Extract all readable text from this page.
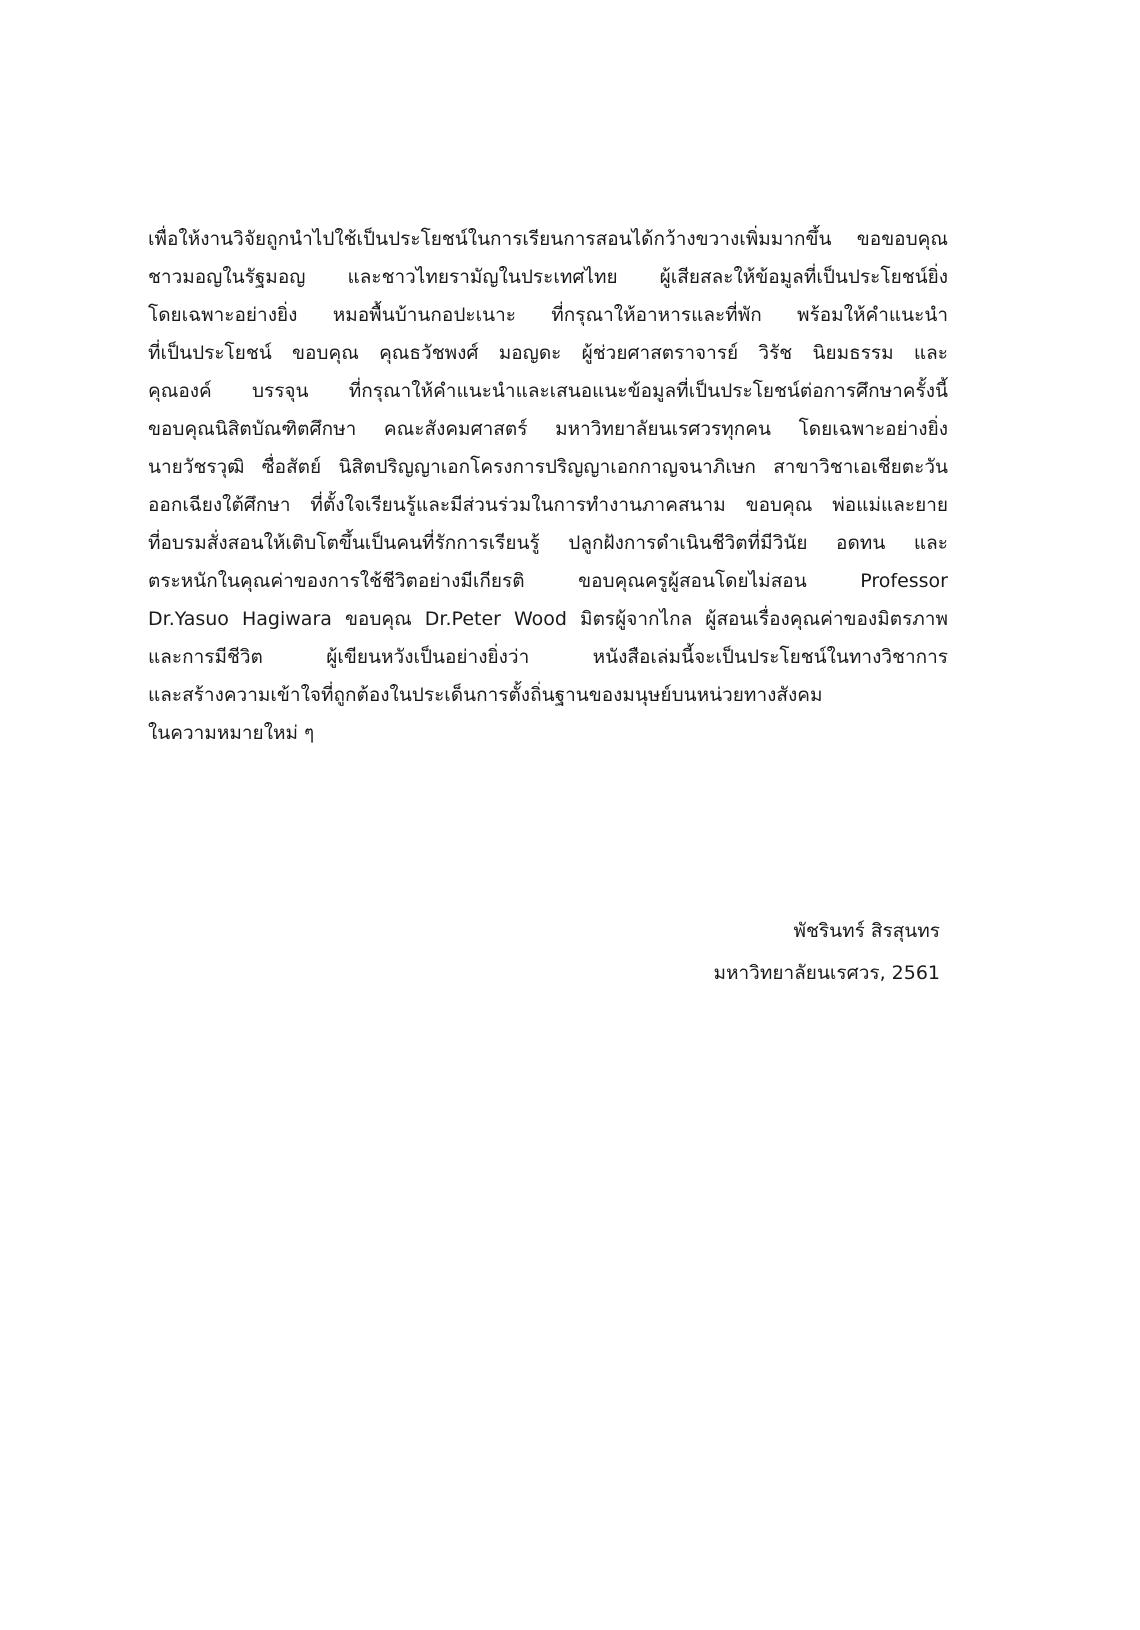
เพื่อให้งานวิจัยถูกนำไปใช้เป็นประโยชน์ในการเรียนการสอนได้กว้างขวางเพิ่มมากขึ้น ขอขอบคุณ
ชาวมอญในรัฐมอญ และชาวไทยรามัญในประเทศไทย ผู้เสียสละให้ข้อมูลที่เป็นประโยชน์ยิ่ง
โดยเฉพาะอย่างยิ่ง หมอพื้นบ้านกอปะเนาะ ที่กรุณาให้อาหารและที่พัก พร้อมให้คำแนะนำ
ที่เป็นประโยชน์ ขอบคุณ คุณธวัชพงศ์ มอญดะ ผู้ช่วยศาสตราจารย์ วิรัช นิยมธรรม และ
คุณองค์ บรรจุน ที่กรุณาให้คำแนะนำและเสนอแนะข้อมูลที่เป็นประโยชน์ต่อการศึกษาครั้งนี้
ขอบคุณนิสิตบัณฑิตศึกษา คณะสังคมศาสตร์ มหาวิทยาลัยนเรศวรทุกคน โดยเฉพาะอย่างยิ่ง
นายวัชรวุฒิ ซื่อสัตย์ นิสิตปริญญาเอกโครงการปริญญาเอกกาญจนาภิเษก สาขาวิชาเอเชียตะวัน
ออกเฉียงใต้ศึกษา ที่ตั้งใจเรียนรู้และมีส่วนร่วมในการทำงานภาคสนาม ขอบคุณ พ่อแม่และยาย
ที่อบรมสั่งสอนให้เติบโตขึ้นเป็นคนที่รักการเรียนรู้ ปลูกฝังการดำเนินชีวิตที่มีวินัย อดทน และ
ตระหนักในคุณค่าของการใช้ชีวิตอย่างมีเกียรติ ขอบคุณครูผู้สอนโดยไม่สอน Professor
Dr.Yasuo Hagiwara ขอบคุณ Dr.Peter Wood มิตรผู้จากไกล ผู้สอนเรื่องคุณค่าของมิตรภาพ
และการมีชีวิต ผู้เขียนหวังเป็นอย่างยิ่งว่า หนังสือเล่มนี้จะเป็นประโยชน์ในทางวิชาการ
และสร้างความเข้าใจที่ถูกต้องในประเด็นการตั้งถิ่นฐานของมนุษย์บนหน่วยทางสังคม
ในความหมายใหม่ ๆ
พัชรินทร์ สิรสุนทร
มหาวิทยาลัยนเรศวร, 2561
